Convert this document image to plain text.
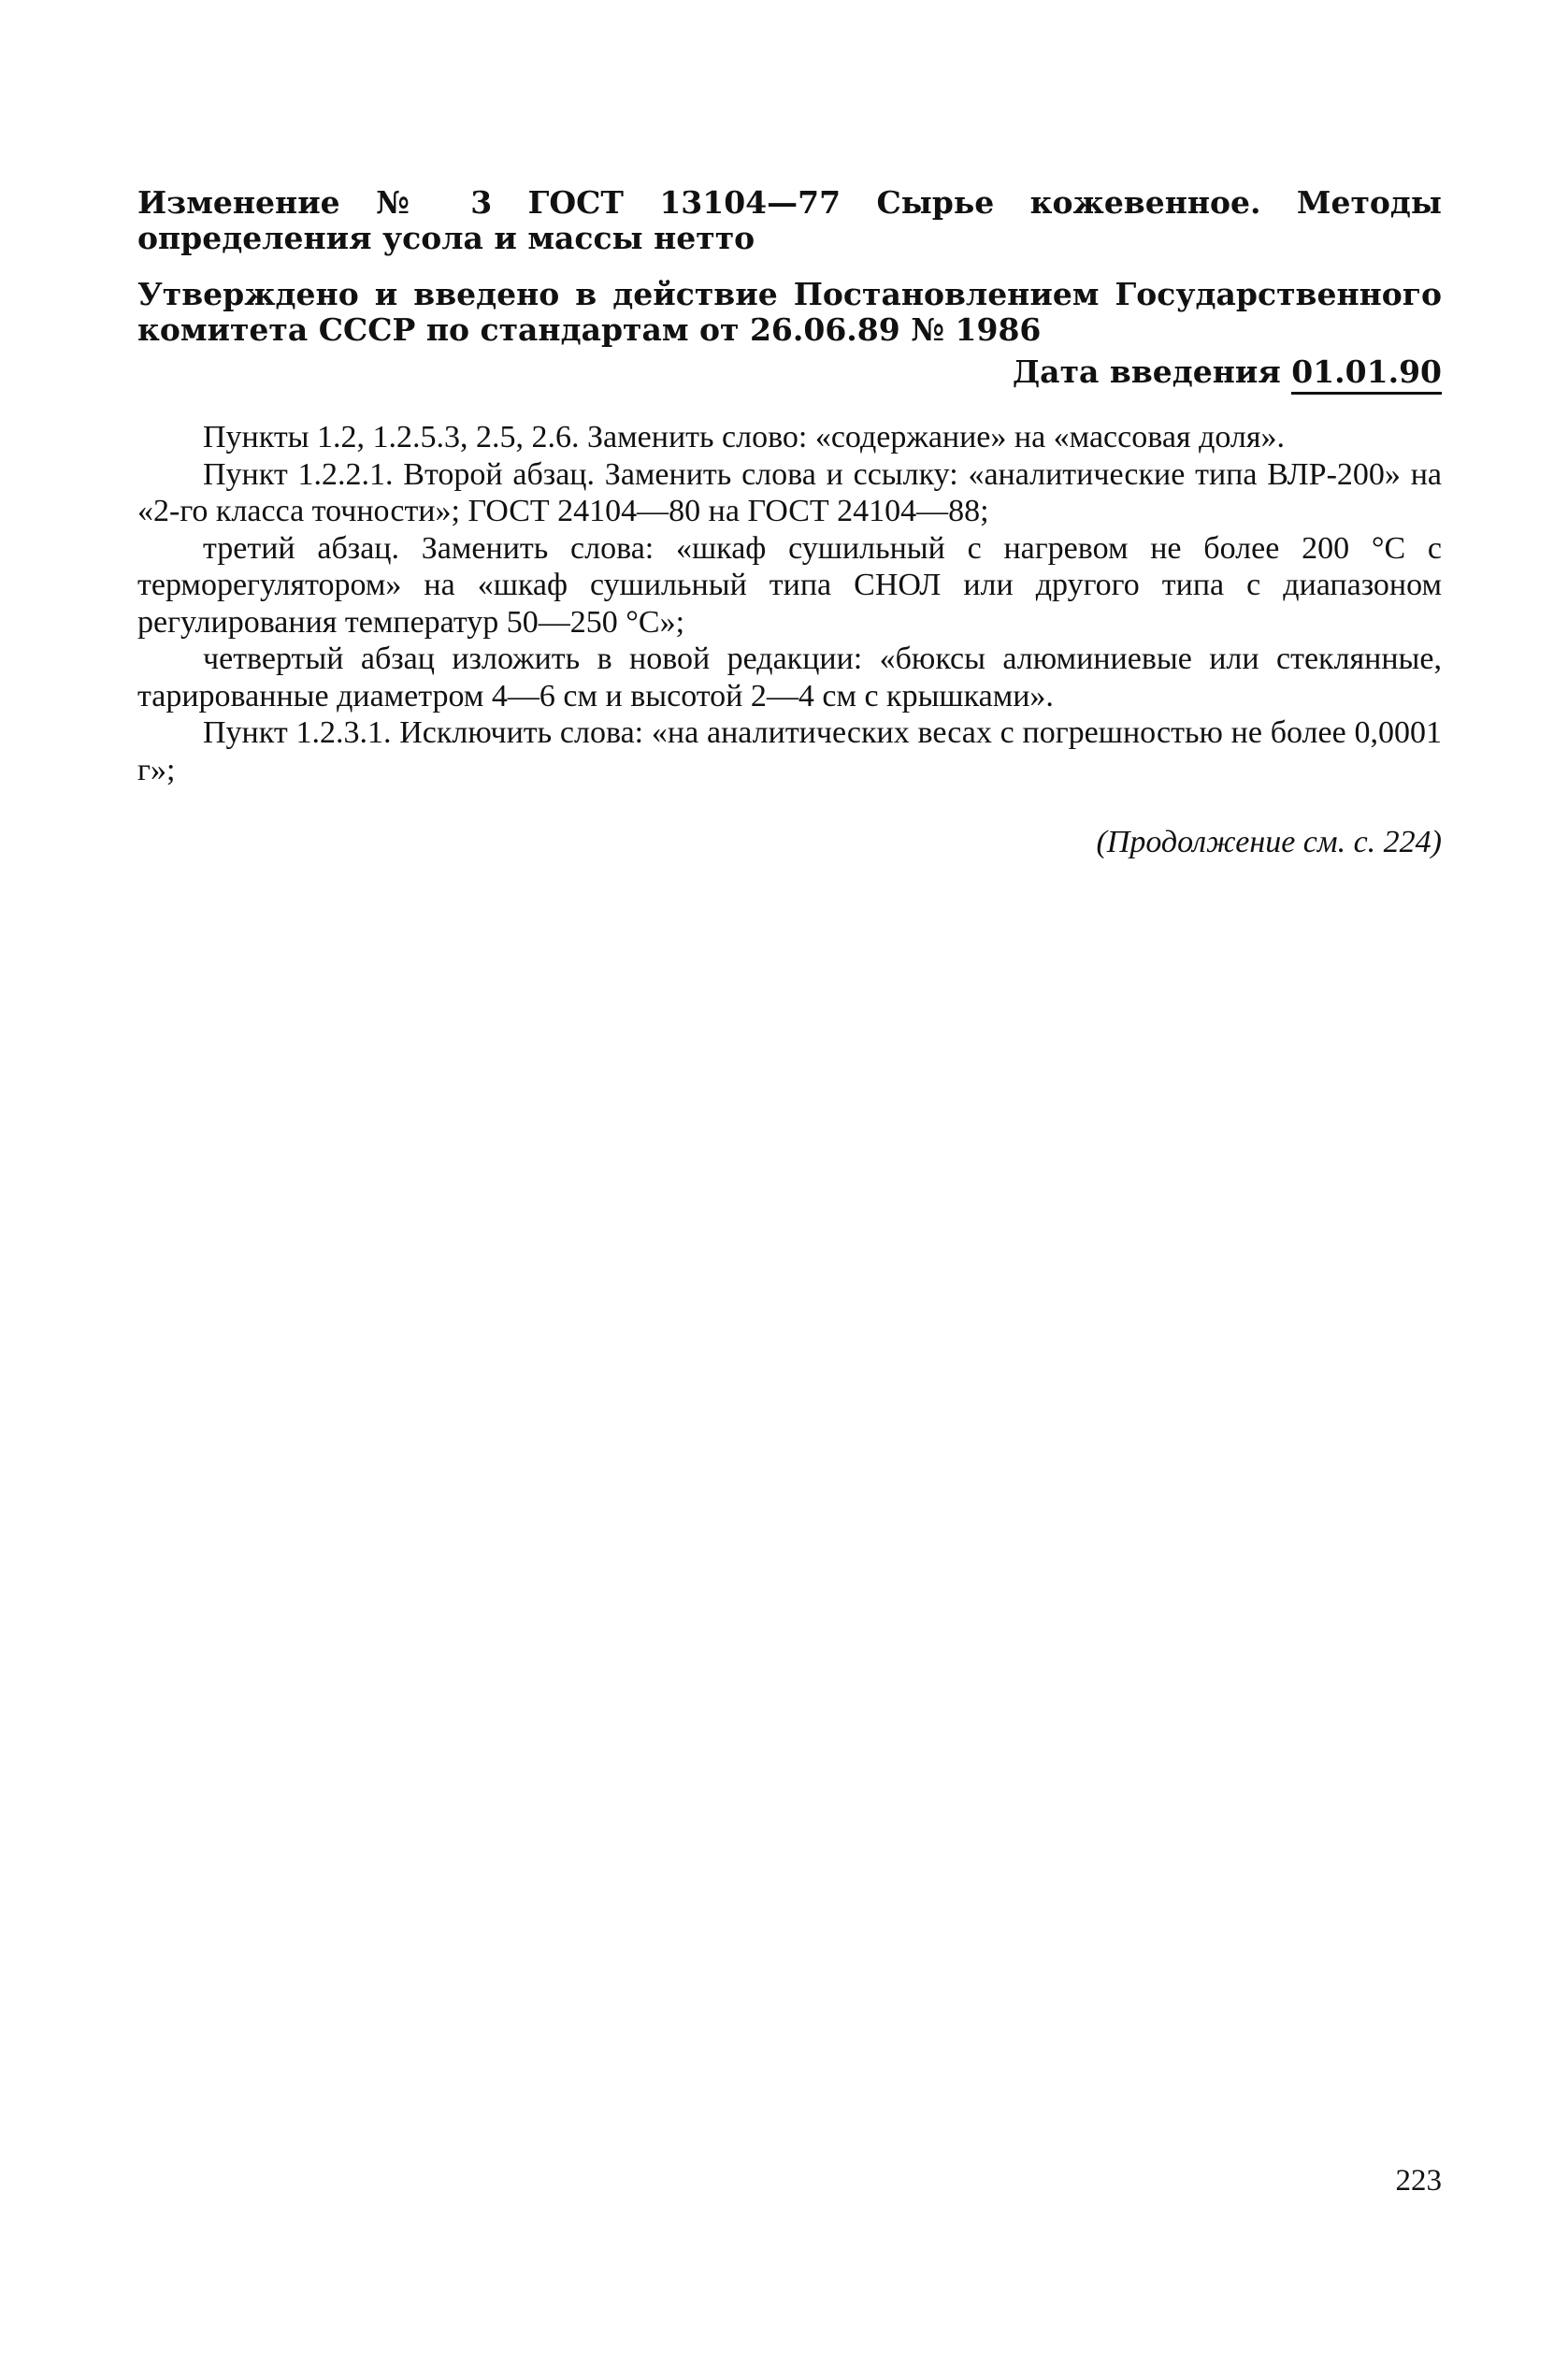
Изменение № 3 ГОСТ 13104—77 Сырье кожевенное. Методы определения усола и массы нетто

Утверждено и введено в действие Постановлением Государственного комитета СССР по стандартам от 26.06.89 № 1986

Дата введения 01.01.90

Пункты 1.2, 1.2.5.3, 2.5, 2.6. Заменить слово: «содержание» на «массовая доля».

Пункт 1.2.2.1. Второй абзац. Заменить слова и ссылку: «аналитические типа ВЛР-200» на «2-го класса точности»; ГОСТ 24104—80 на ГОСТ 24104—88;

третий абзац. Заменить слова: «шкаф сушильный с нагревом не более 200 °С с терморегулятором» на «шкаф сушильный типа СНОЛ или другого типа с диапазоном регулирования температур 50—250 °С»;

четвертый абзац изложить в новой редакции: «бюксы алюминиевые или стеклянные, тарированные диаметром 4—6 см и высотой 2—4 см с крышками».

Пункт 1.2.3.1. Исключить слова: «на аналитических весах с погрешностью не более 0,0001 г»;

(Продолжение см. с. 224)

223
